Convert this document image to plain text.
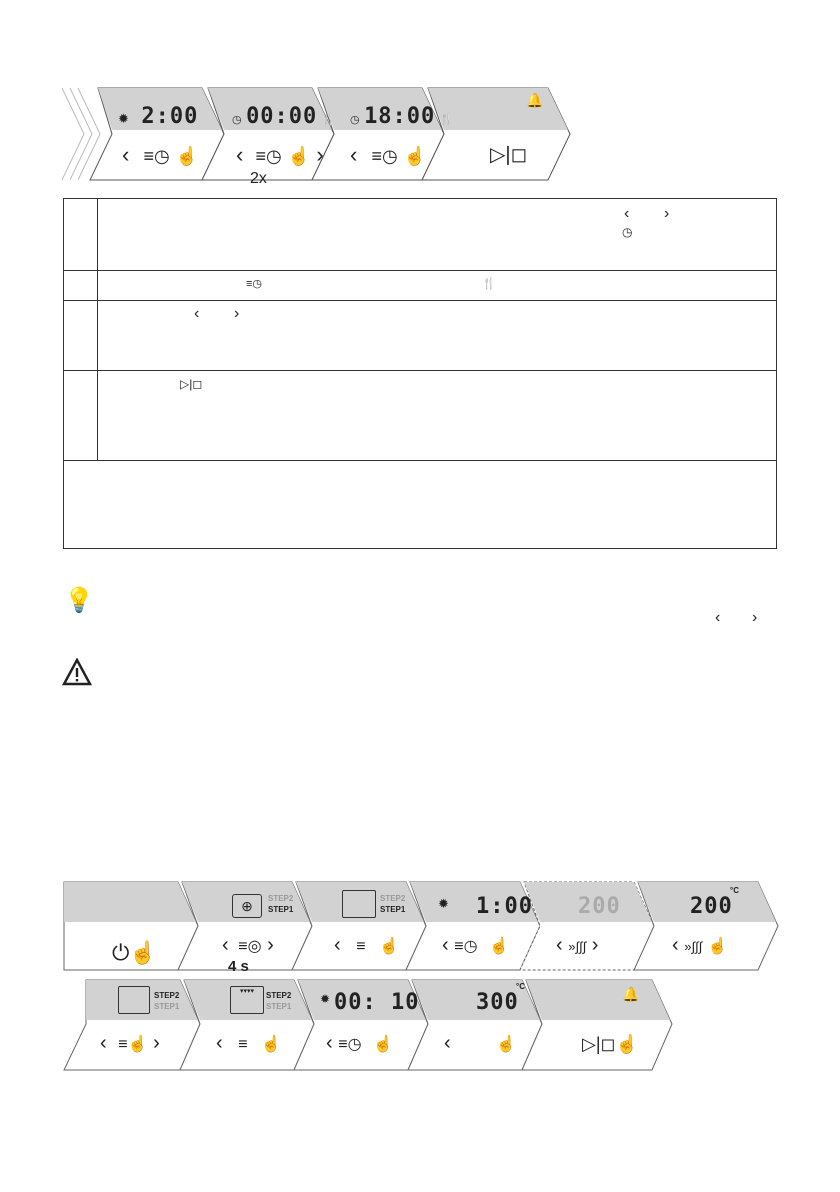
✹ 2:00	◷ 00:00 🍴 ◷ 18:00 🍴
🔔
‹ ≡◷ ☝ ‹ ≡◷ ☝ ›
2x
‹ ≡◷ ☝	▷|◻

	‹ ›
◷

	≡◷ 🍴

	‹ ›

	▷|◻

💡
‹ ›
⊕	STEP2
STEP1
STEP2
STEP1	✹ 1:00 200	200
°C
⏻☝	‹ ≡◎ ›
4 s
‹ ≡ ☝ ‹ ≡◷ ☝ ‹ »∫∫∫ ›	‹ »∫∫∫ ☝
STEP2
STEP1
▾▾▾▾	STEP2
STEP1
✹ 00: 10	300
°C	🔔
‹ ≡☝ ›	‹ ≡ ☝ ‹ ≡◷ ☝	‹	☝	▷|◻☝
